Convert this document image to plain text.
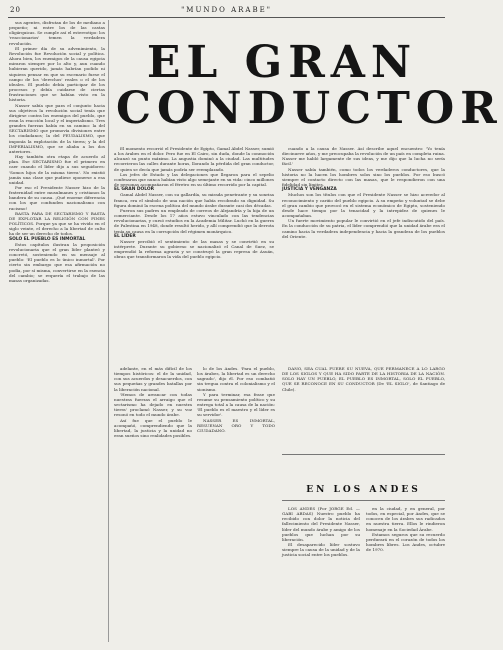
20	"MUNDO ARABE"

sus agentes, disfrutan de los de mediano a pequeño; ni entre los de las castas oligárquicas. Se cumple así el estereotipo: los 'reaccionarios' temen la verdadera revolución.

El primer día de su advenimiento, la Revolución fue Revolución social y política. Ahora bien, los enemigos de la causa egipcia miraron siempre por lo alto y, aun cuando hubieran querido, jamás habrían podido ni siquiera pensar en que su escenario fuese el campo de los 'derechos' reales o el de los ideales. El pueblo debía participar de los procesos y debía cuidarse de ciertas frustraciones que se habían visto en la historia.

Nasser sabía que para el conjunto hacia sus objetivos la revolución social tenía que dirigirse contra los enemigos del pueblo, que eran la reacción local y el imperialismo. Tres grandes fuerzas había en su camino: la del SECTARISMO que promovía divisiones entre los ciudadanos; la del FEUDALISMO, que imponía la explotación de la tierra; y la del IMPERIALISMO, que se aliaba a los dos anteriores.

Hay también otra etapa de acuerdo al plan. Ese SECTARISMO fue el primero en caer cuando el líder dijo a sus seguidores: 'Somos hijos de la misma tierra'. No existió jamás una clase que pudiese oponerse a esa unidad.

Por eso el Presidente Nasser hizo de la fraternidad entre musulmanes y cristianos la bandera de su causa. ¡Qué enorme diferencia con los que confunden nacionalismo con racismo!

BASTA PARA DE SECTARISMO Y BASTA DE EXPLOTAR LA RELIGIÓN CON FINES POLÍTICOS. Porque ya que se ha vivido en el siglo veinte, el derecho a la libertad de culto ha de ser un derecho de todos.

SOLO EL PUEBLO ES INMORTAL

Estos capítulos ilustran la proposición revolucionaria que el gran líder planteó y concretó, sosteniendo en su mensaje al pueblo: 'El pueblo es lo único inmortal'. Por cierto sin embargo que esa afirmación no podía, por sí misma, convertirse en la esencia del cambio; se requería el trabajo de las masas organizadas.

EL GRAN
CONDUCTOR

El momento recorrió el Presidente de Egipto, Gamal Abdel Nasser, sumió a los árabes en el dolor. Pero fue en El Cairo, sin duda, donde la conmoción alcanzó su punto máximo. La angustia dominó a la ciudad. Las multitudes recorrieron las calles durante horas, llorando la pérdida del gran conductor, de quien se decía que jamás podría ser reemplazado.

Los jefes de Estado y las delegaciones que llegaron para el sepelio confesaron que nunca habían visto algo semejante en su vida: cinco millones de personas acompañaron el féretro en su último recorrido por la capital.

EL GRAN DOLOR

Gamal Abdel Nasser, con su gallardía, su mirada penetrante y su sonrisa franca, era el símbolo de una nación que había recobrado su dignidad. Su figura dominó la escena política del mundo árabe durante casi dos décadas.

Fueron sus padres un empleado de correos de Alejandría y la hija de un comerciante. Desde los 17 años estuvo vinculado con las tendencias revolucionarias, y cursó estudios en la Academia Militar. Luchó en la guerra de Palestina en 1948, donde resultó herido, y allí comprendió que la derrota tenía su causa en la corrupción del régimen monárquico.

EL LÍDER

Nasser percibió el sentimiento de las masas y se convirtió en su intérprete. Durante su gobierno se nacionalizó el Canal de Suez, se emprendió la reforma agraria y se construyó la gran represa de Asuán, obras que transformaron la vida del pueblo egipcio.

cuando a la causa de Nasser. Así describe aquel encuentro: 'Yo tenía diecinueve años, y me preocupaba la revolución de un país en completa ruina. Nasser me habló largamente de sus ideas, y me dijo que la lucha no sería fácil.'

Nasser sabía también, como todos los verdaderos conductores, que la historia no la hacen los hombres solos sino los pueblos. Por eso buscó siempre el contacto directo con las masas, que le respondieron con una fidelidad sin límites.

JUSTICIA Y VENGANZA

Muchos son los títulos con que el Presidente Nasser se hizo acreedor al reconocimiento y cariño del pueblo egipcio. A su empeño y voluntad se debe el gran cambio que provocó en el sistema económico de Egipto, sosteniendo desde hace tiempo por la tenacidad y la intrepidez de quienes le acompañaban.

Un fuerte movimiento popular le convirtió en el jefe indiscutido del país. En la conducción de su patria, el líder comprendió que la unidad árabe era el camino hacia la verdadera independencia y hacia la grandeza de los pueblos del Oriente.

adelante, en el más difícil de los tiempos históricos: el de la unidad, con sus acuerdos y desacuerdos, con sus pequeñas y grandes batallas por la liberación nacional.

'Hemos de arrancar con todas nuestras fuerzas el arraigo que el sectarismo ha dejado en nuestra tierra' proclamó Nasser, y su voz resonó en todo el mundo árabe.

Así fue que el pueblo le acompañó, comprendiendo que la libertad, la justicia y la unidad no eran sueños sino realidades posibles.

lo de los Andes. 'Para el pueblo, los árabes, la libertad es un derecho sagrado', dijo él. Por eso combatió sin tregua contra el colonialismo y el sionismo.

Y para terminar, esa frase que resume su pensamiento político y su entrega total a la causa de la nación: 'El pueblo es el maestro y el líder es su servidor'.

NASSER ES INMORTAL, RESUENAN ORO Y TODO CIUDADANO.

DANO, SEA CUAL FUERE SU NUEVA, QUE PERMANECE A LO LARGO DE LOS SIGLOS Y QUE HA SIDO PARTE DE LA HISTORIA DE LA NACIÓN. SOLO HAY UN PUEBLO, EL PUEBLO ES INMORTAL, SOLO EL PUEBLO, QUE SE RECONOCE EN SU CONDUCTOR (De 'EL SIGLO', de Santiago de Chile).

EN LOS ANDES

LOS ANDES (Por JORGE Ed. — GABI ABDAS) Nuestro pueblo ha recibido con dolor la noticia del fallecimiento del Presidente Nasser, líder del mundo árabe y amigo de los pueblos que luchan por su liberación.

El desaparecido líder sostuvo siempre la causa de la unidad y de la justicia social entre los pueblos.

en la ciudad, y en general, por todos, en especial, por Andes, que se conocen de los árabes sus radicados en nuestra tierra. Ellos le rindieron homenaje en la Sociedad Árabe.

Estamos seguros que su recuerdo perdurará en el corazón de todos los hombres libres. Los Andes, octubre de 1970.
